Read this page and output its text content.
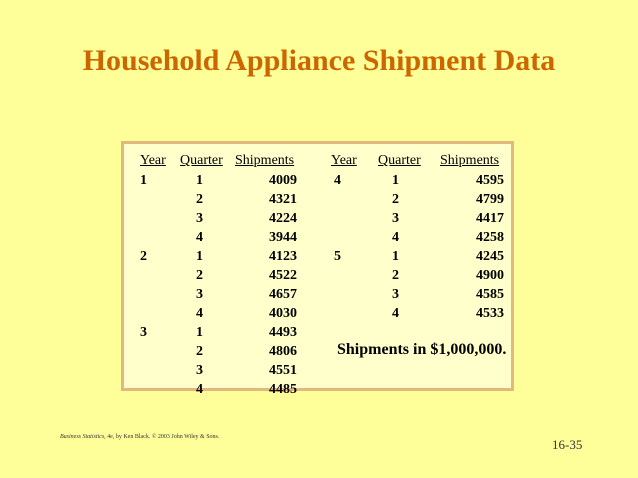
Household Appliance Shipment Data
Year Quarter Shipments
1	1	4009
2	4321
3	4224
4	3944
2	1	4123
2	4522
3	4657
4	4030
3	1	4493
2	4806
3	4551
4	4485
Year Quarter Shipments
4	1	4595
2	4799
3	4417
4	4258
5	1	4245
2	4900
3	4585
4	4533
Shipments in $1,000,000.
Business Statistics, 4e, by Ken Black. © 2003 John Wiley & Sons.	16-35
